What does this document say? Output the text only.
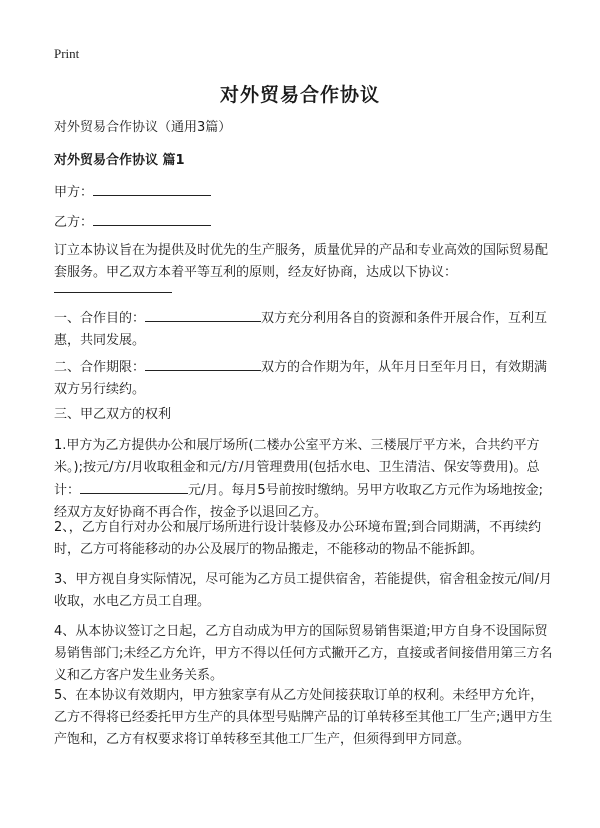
Print
对外贸易合作协议
对外贸易合作协议（通用3篇）
对外贸易合作协议 篇1
甲方：
乙方：
订立本协议旨在为提供及时优先的生产服务，质量优异的产品和专业高效的国际贸易配套服务。甲乙双方本着平等互利的原则，经友好协商，达成以下协议：
一、合作目的：	双方充分利用各自的资源和条件开展合作，互利互惠，共同发展。
二、合作期限：	双方的合作期为年，从年月日至年月日，有效期满双方另行续约。
三、甲乙双方的权利
1.甲方为乙方提供办公和展厅场所(二楼办公室平方米、三楼展厅平方米，合共约平方米。);按元/方/月收取租金和元/方/月管理费用(包括水电、卫生清洁、保安等费用)。总计：	元/月。每月5号前按时缴纳。另甲方收取乙方元作为场地按金;经双方友好协商不再合作，按金予以退回乙方。
2、，乙方自行对办公和展厅场所进行设计装修及办公环境布置;到合同期满，不再续约时，乙方可将能移动的办公及展厅的物品搬走，不能移动的物品不能拆卸。
3、甲方视自身实际情况，尽可能为乙方员工提供宿舍，若能提供，宿舍租金按元/间/月收取，水电乙方员工自理。
4、从本协议签订之日起，乙方自动成为甲方的国际贸易销售渠道;甲方自身不设国际贸易销售部门;未经乙方允许，甲方不得以任何方式撇开乙方，直接或者间接借用第三方名义和乙方客户发生业务关系。
5、在本协议有效期内，甲方独家享有从乙方处间接获取订单的权利。未经甲方允许，乙方不得将已经委托甲方生产的具体型号贴牌产品的订单转移至其他工厂生产;遇甲方生产饱和，乙方有权要求将订单转移至其他工厂生产，但须得到甲方同意。
